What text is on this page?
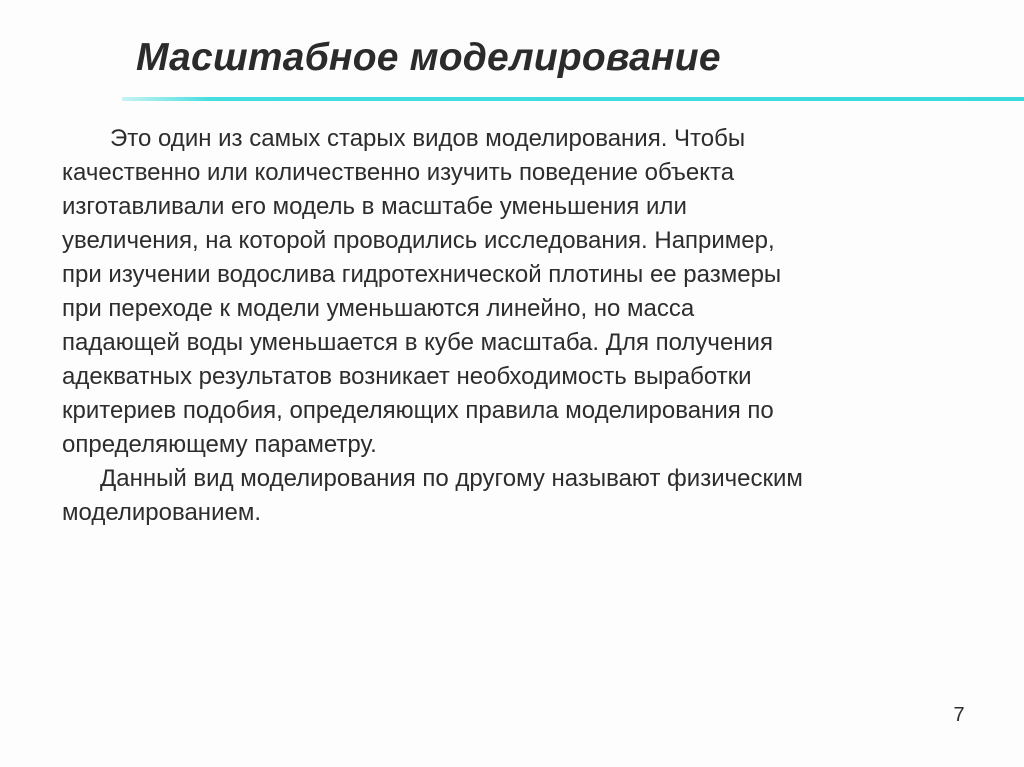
Масштабное моделирование

Это один из самых старых видов моделирования. Чтобы
качественно или количественно изучить поведение объекта
изготавливали его модель в масштабе уменьшения или
увеличения, на которой проводились исследования. Например,
при изучении водослива гидротехнической плотины ее размеры
при переходе к модели уменьшаются линейно, но масса
падающей воды уменьшается в кубе масштаба. Для получения
адекватных результатов возникает необходимость выработки
критериев подобия, определяющих правила моделирования по
определяющему параметру.

Данный вид моделирования по другому называют физическим
моделированием.

7
